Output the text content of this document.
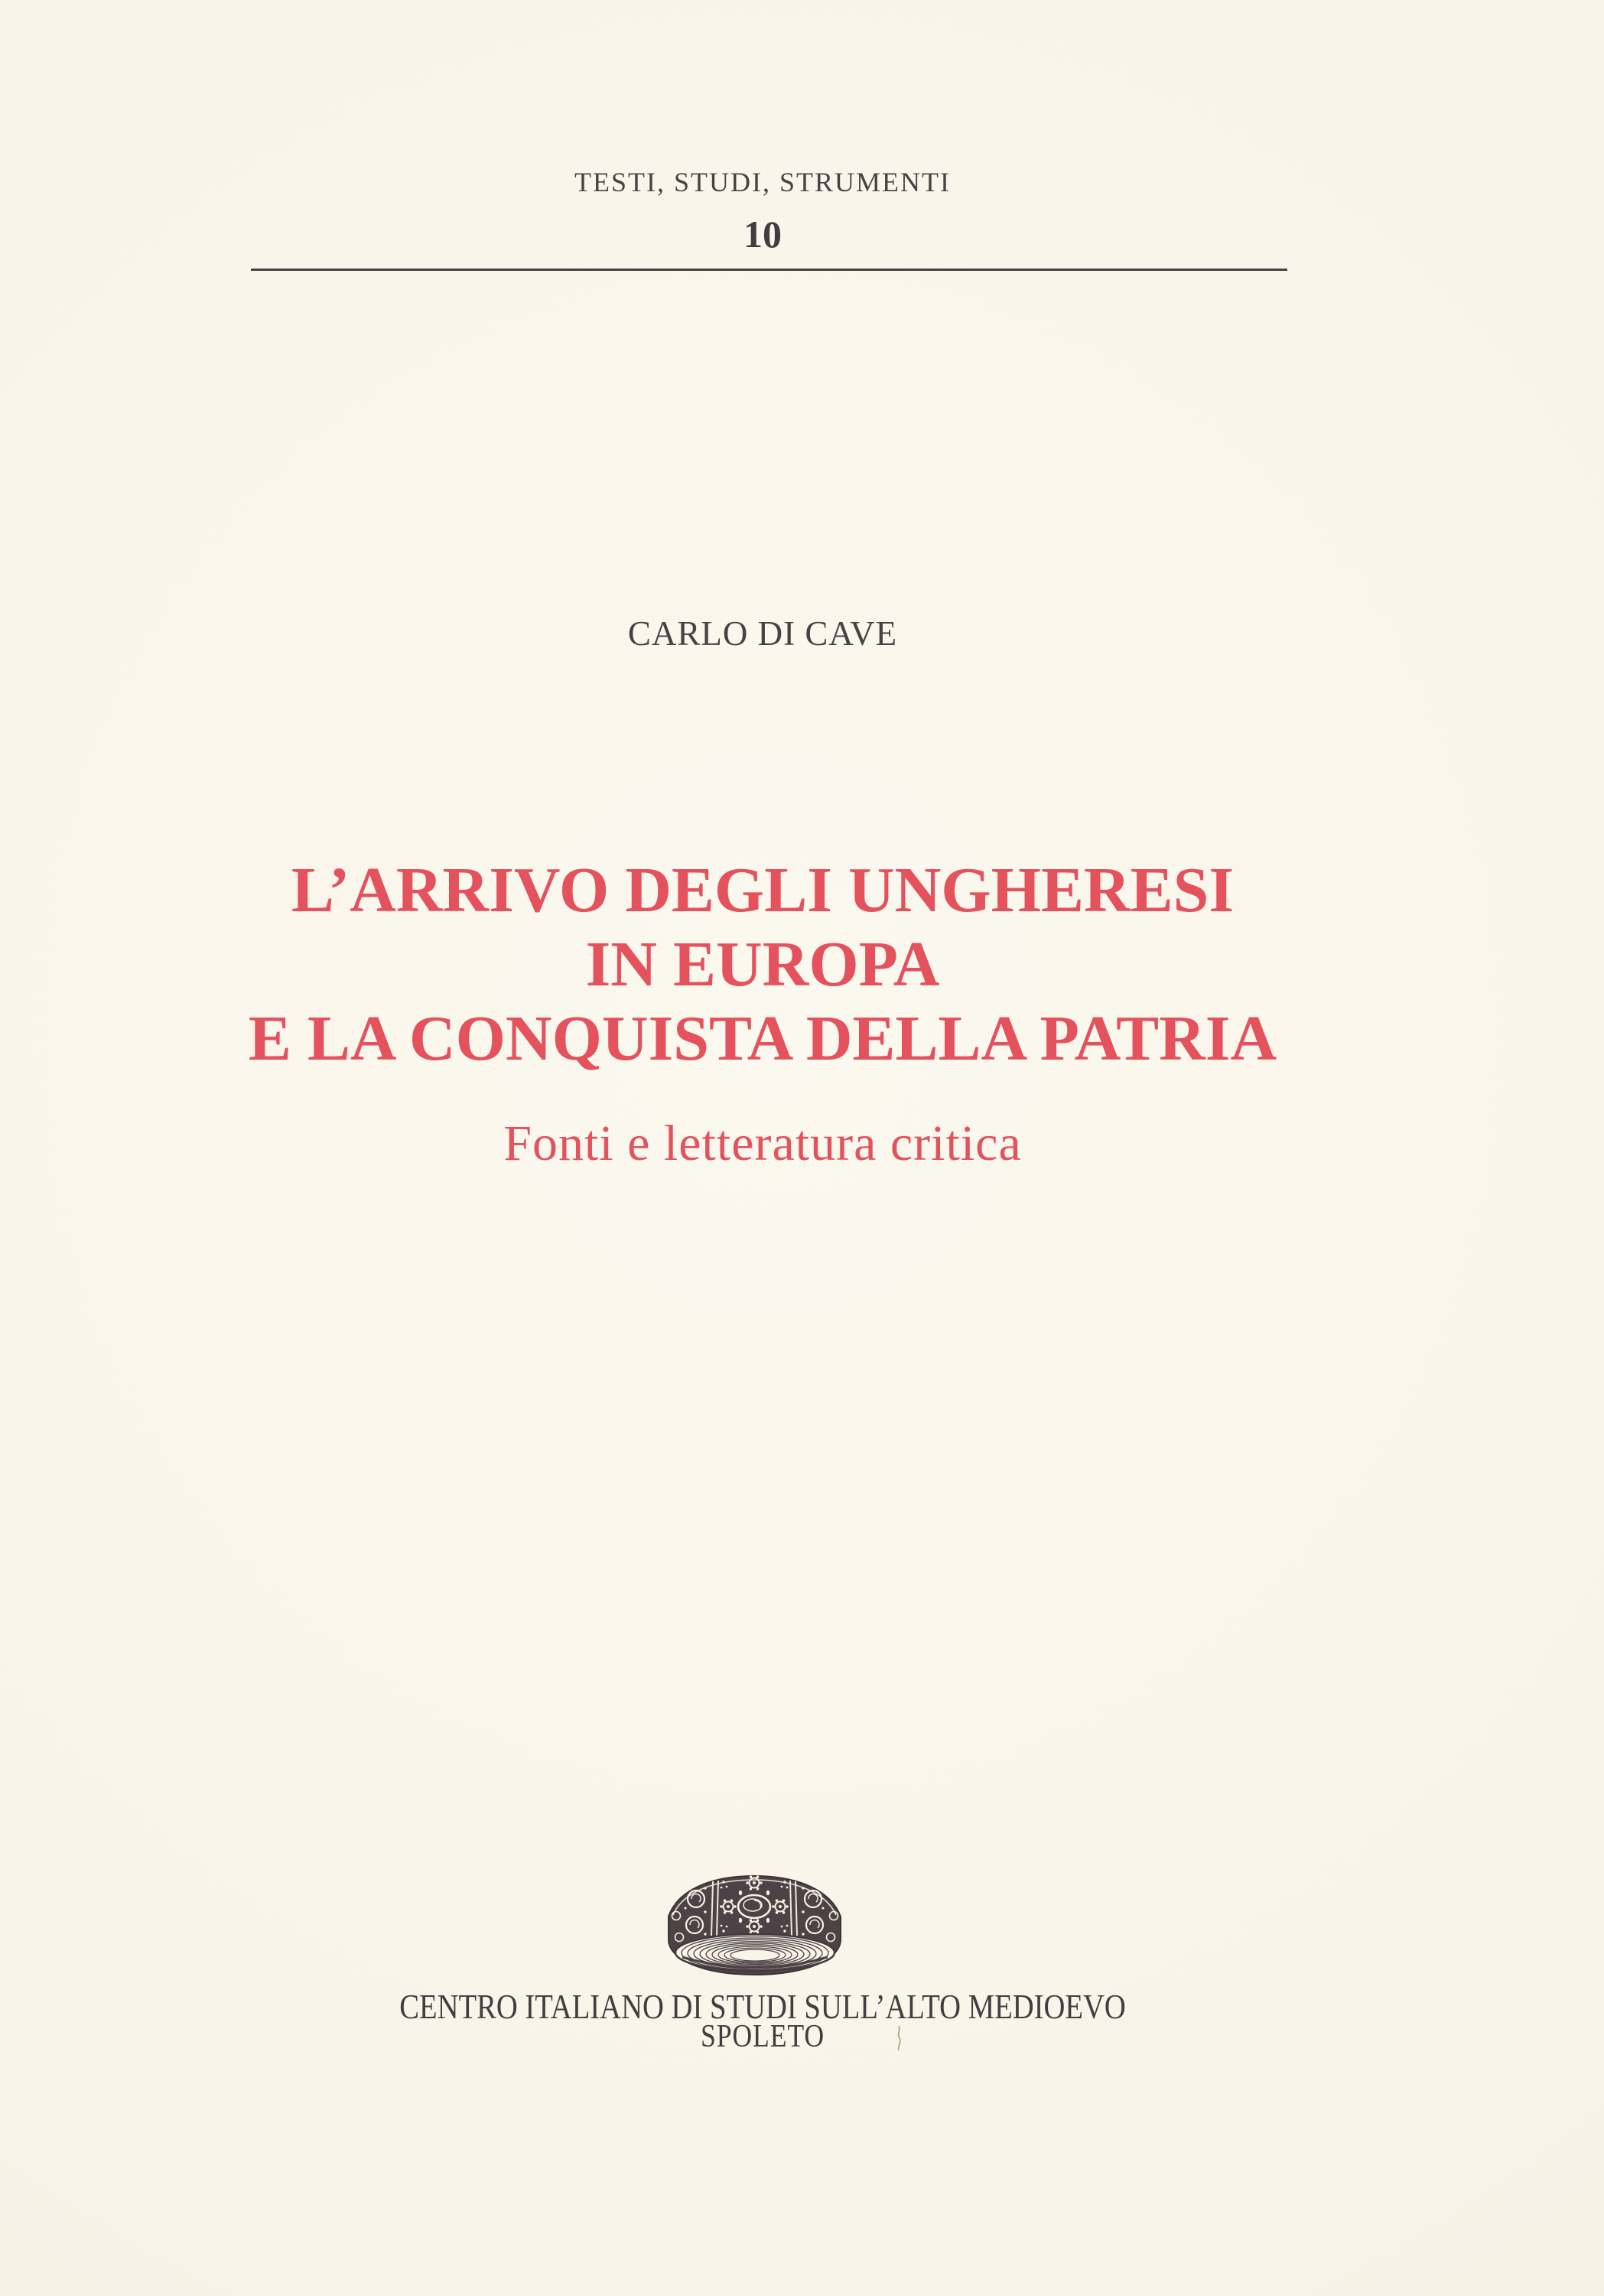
TESTI, STUDI, STRUMENTI
10
CARLO DI CAVE
L’ARRIVO DEGLI UNGHERESI
IN EUROPA
E LA CONQUISTA DELLA PATRIA
Fonti e letteratura critica
CENTRO ITALIANO DI STUDI SULL’ALTO MEDIOEVO
SPOLETO
